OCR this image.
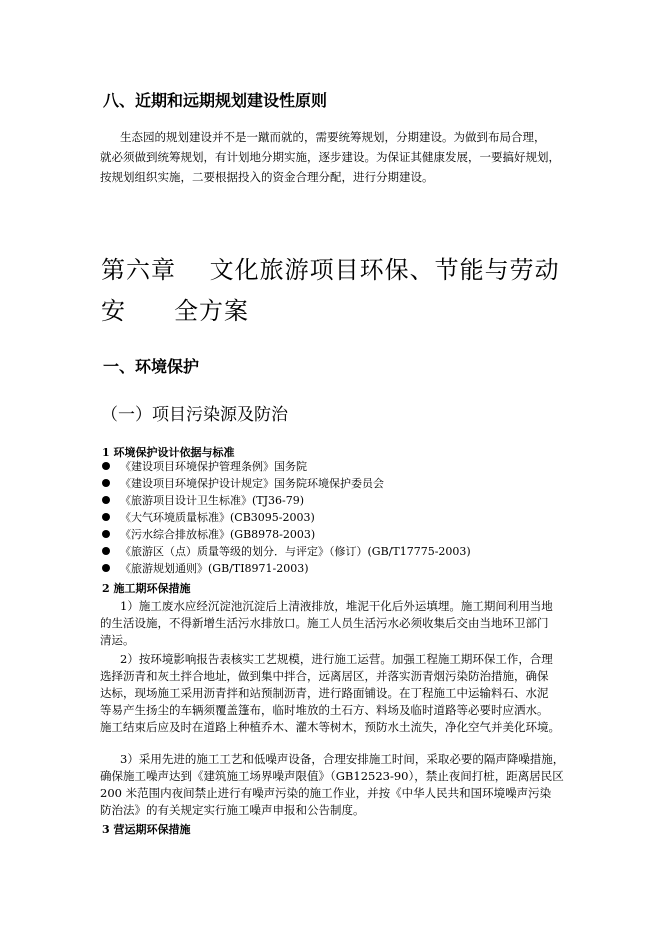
八、近期和远期规划建设性原则
生态园的规划建设并不是一蹴而就的，需要统筹规划，分期建设。为做到布局合理，
就必须做到统筹规划，有计划地分期实施，逐步建设。为保证其健康发展，一要搞好规划，
按规划组织实施，二要根据投入的资金合理分配，进行分期建设。
第六章　 文化旅游项目环保、节能与劳动
安 全方案
一、环境保护
（一）项目污染源及防治
1 环境保护设计依据与标准
《建设项目环境保护管理条例》国务院
《建设项目环境保护设计规定》国务院环境保护委员会
《旅游项目设计卫生标准》(TJ36-79)
《大气环境质量标准》(CB3095-2003)
《污水综合排放标准》(GB8978-2003)
《旅游区（点）质量等级的划分．与评定》（修订）(GB/T17775-2003)
《旅游规划通则》(GB/TI8971-2003)
2 施工期环保措施
1）施工废水应经沉淀池沉淀后上清液排放，堆泥干化后外运填埋。施工期间利用当地
的生活设施，不得新增生活污水排放口。施工人员生活污水必须收集后交由当地环卫部门
清运。
2）按环境影响报告表核实工艺规模，进行施工运营。加强工程施工期环保工作，合理
选择沥青和灰土拌合地址，做到集中拌合，远离居区，并落实沥青烟污染防治措施，确保
达标，现场施工采用沥青拌和站预制沥青，进行路面铺设。在丁程施工中运输料石、水泥
等易产生扬尘的车辆须覆盖篷布，临时堆放的土石方、料场及临时道路等必要时应洒水。
施工结束后应及时在道路上种植乔木、灌木等树木，预防水土流失，净化空气并美化环境。
3）采用先进的施工工艺和低噪声设备，合理安排施工时间，采取必要的隔声降噪措施，
确保施工噪声达到《建筑施工场界噪声限值》（GB12523-90），禁止夜间打桩，距离居民区
200 米范围内夜间禁止进行有噪声污染的施工作业，并按《中华人民共和国环境噪声污染
防治法》的有关规定实行施工噪声申报和公告制度。
3 营运期环保措施
